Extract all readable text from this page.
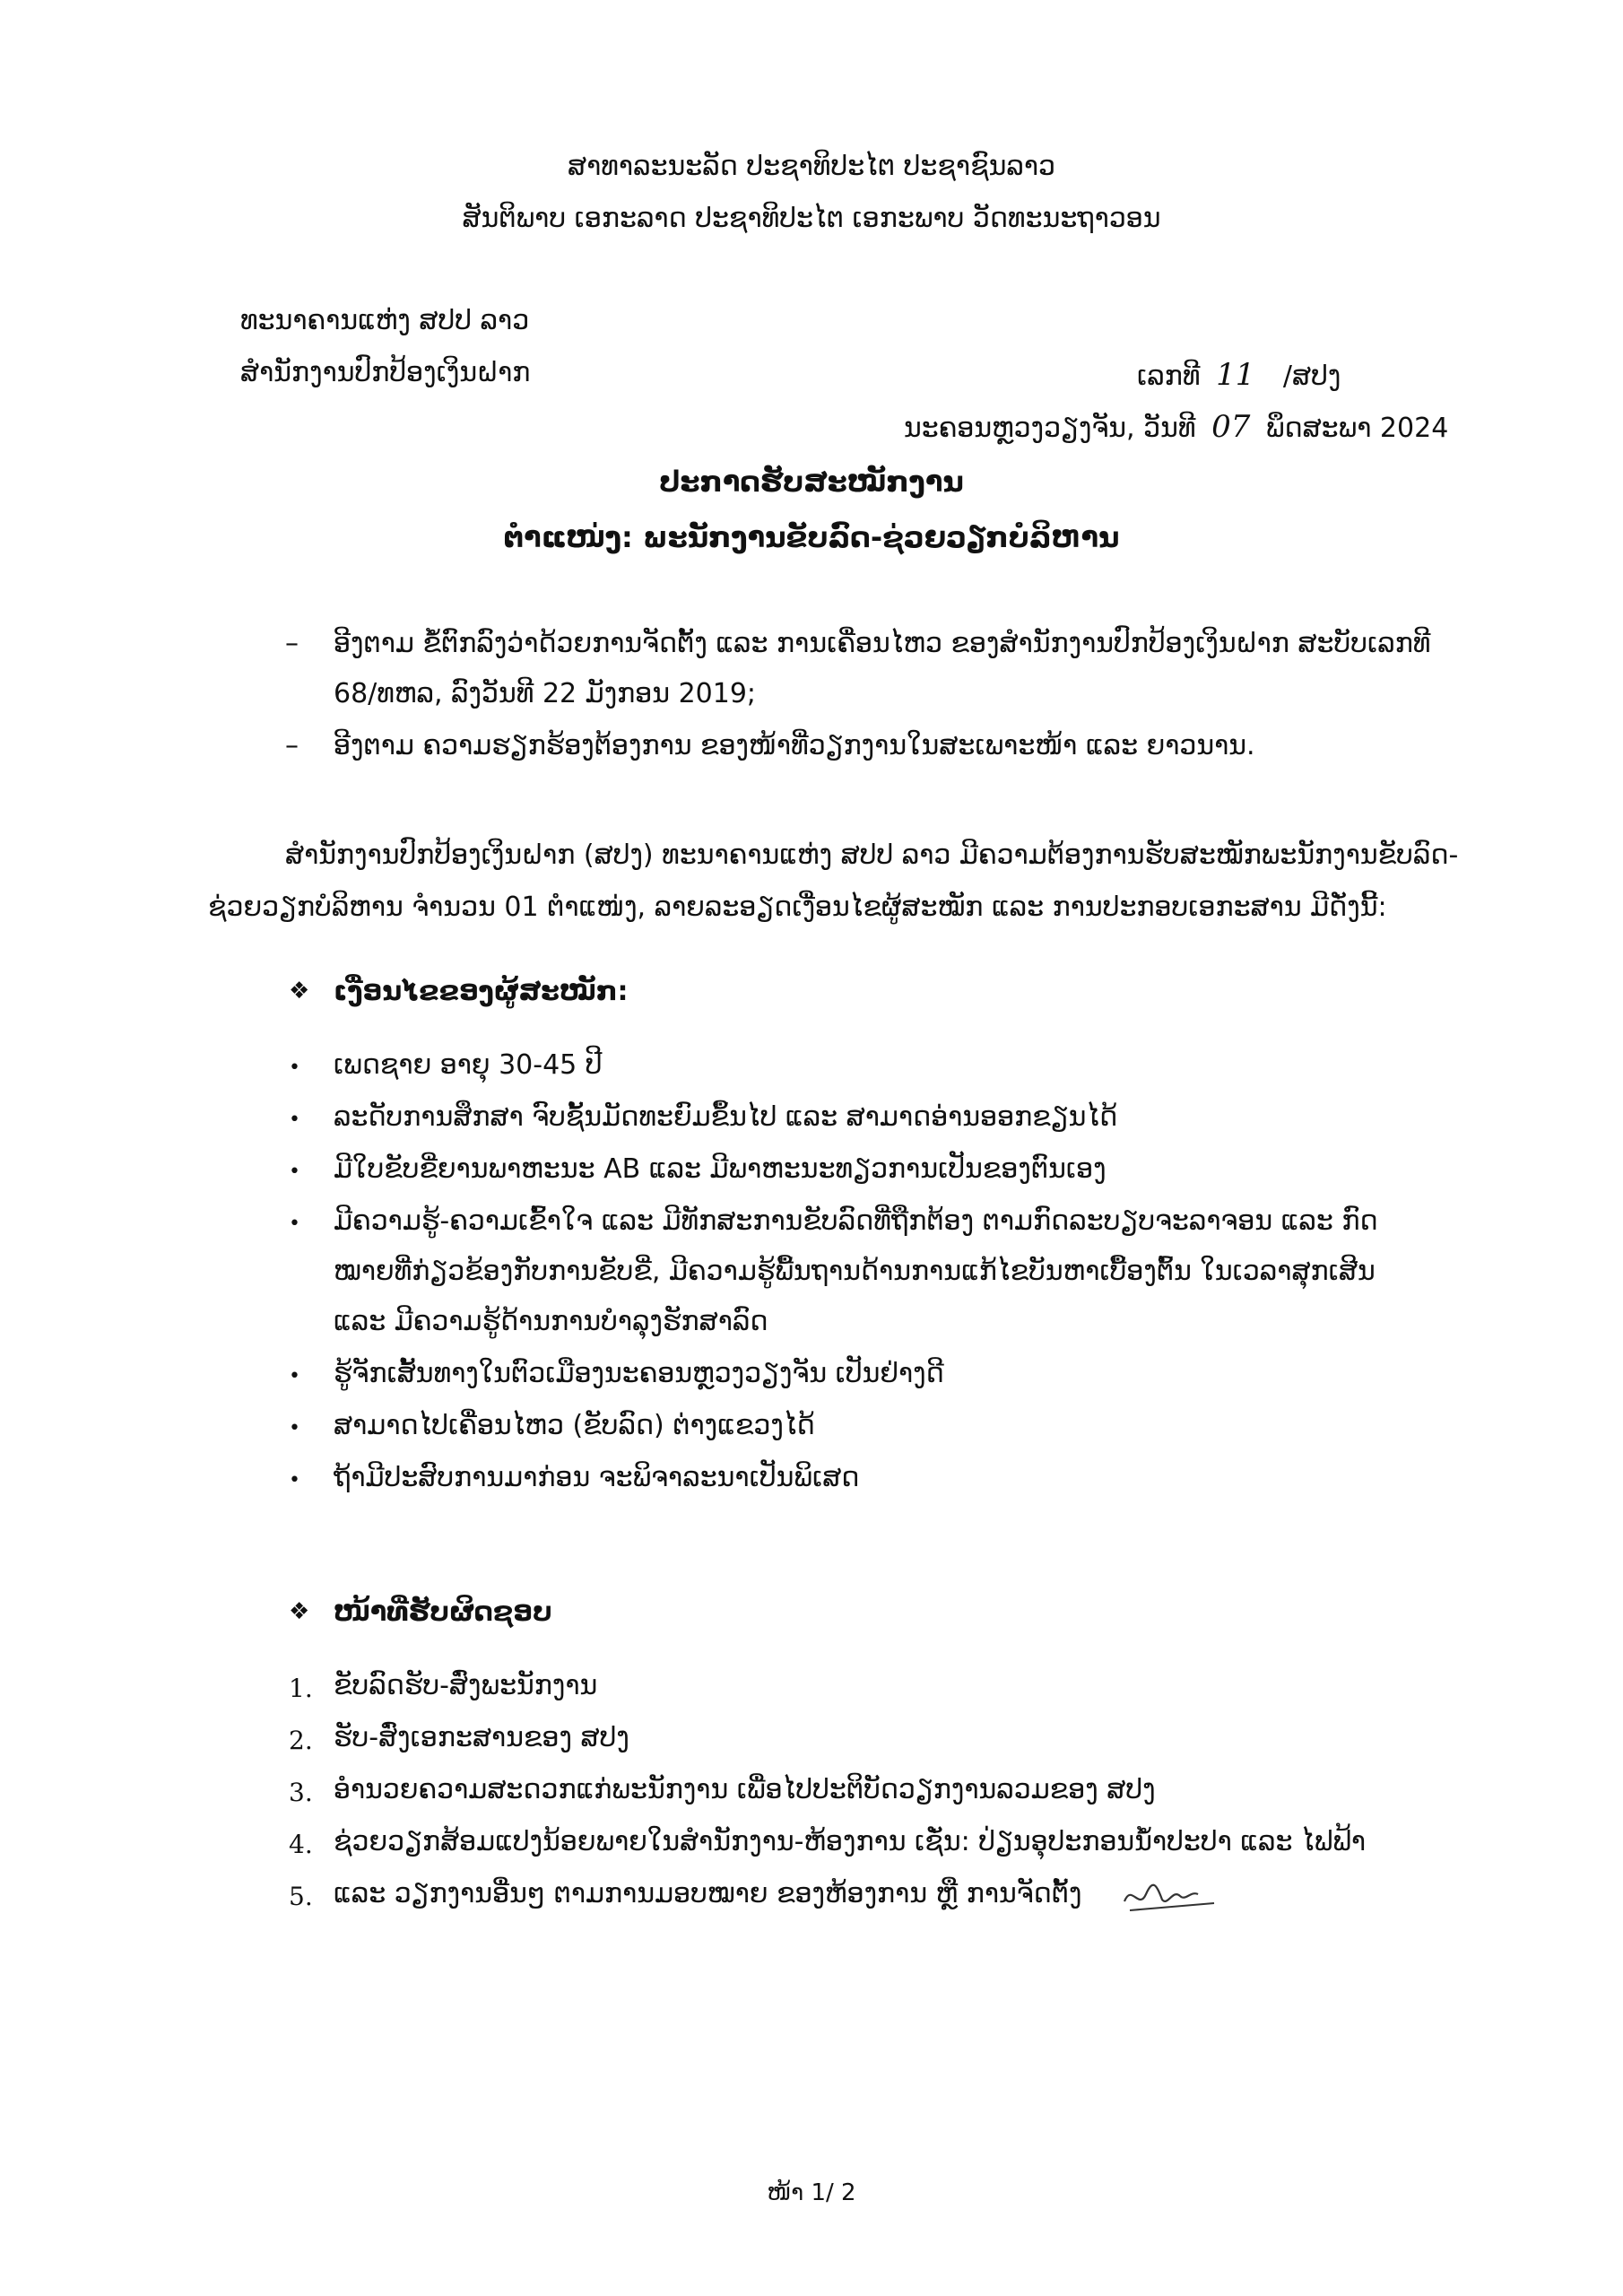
ສາທາລະນະລັດ ປະຊາທິປະໄຕ ປະຊາຊົນລາວ
ສັນຕິພາບ ເອກະລາດ ປະຊາທິປະໄຕ ເອກະພາບ ວັດທະນະຖາວອນ
ທະນາຄານແຫ່ງ ສປປ ລາວ
ສໍານັກງານປົກປ້ອງເງິນຝາກ	ເລກທີ 11 /ສປງ
ນະຄອນຫຼວງວຽງຈັນ, ວັນທີ 07 ພຶດສະພາ 2024
ປະກາດຮັບສະໝັກງານ
ຕໍາແໜ່ງ: ພະນັກງານຂັບລົດ-ຊ່ວຍວຽກບໍລິຫານ
– ອີງຕາມ ຂໍ້ຕົກລົງວ່າດ້ວຍການຈັດຕັ້ງ ແລະ ການເຄື່ອນໄຫວ ຂອງສໍານັກງານປົກປ້ອງເງິນຝາກ ສະບັບເລກທີ
68/ທຫລ, ລົງວັນທີ 22 ມັງກອນ 2019;
– ອີງຕາມ ຄວາມຮຽກຮ້ອງຕ້ອງການ ຂອງໜ້າທີ່ວຽກງານໃນສະເພາະໜ້າ ແລະ ຍາວນານ.
ສໍານັກງານປົກປ້ອງເງິນຝາກ (ສປງ) ທະນາຄານແຫ່ງ ສປປ ລາວ ມີຄວາມຕ້ອງການຮັບສະໝັກພະນັກງານຂັບລົດ-
ຊ່ວຍວຽກບໍລິຫານ ຈໍານວນ 01 ຕໍາແໜ່ງ, ລາຍລະອຽດເງື່ອນໄຂຜູ້ສະໝັກ ແລະ ການປະກອບເອກະສານ ມີດັ່ງນີ້:
❖ ເງື່ອນໄຂຂອງຜູ້ສະໝັກ:
• ເພດຊາຍ ອາຍຸ 30-45 ປີ
• ລະດັບການສຶກສາ ຈົບຊັ້ນມັດທະຍົມຂຶ້ນໄປ ແລະ ສາມາດອ່ານອອກຂຽນໄດ້
• ມີໃບຂັບຂີ່ຍານພາຫະນະ AB ແລະ ມີພາຫະນະທຽວການເປັນຂອງຕົນເອງ
• ມີຄວາມຮູ້-ຄວາມເຂົ້າໃຈ ແລະ ມີທັກສະການຂັບລົດທີ່ຖືກຕ້ອງ ຕາມກົດລະບຽບຈະລາຈອນ ແລະ ກົດ
ໝາຍທີ່ກ່ຽວຂ້ອງກັບການຂັບຂີ່, ມີຄວາມຮູ້ພື້ນຖານດ້ານການແກ້ໄຂບັນຫາເບື້ອງຕົ້ນ ໃນເວລາສຸກເສີນ
ແລະ ມີຄວາມຮູ້ດ້ານການບໍາລຸງຮັກສາລົດ
• ຮູ້ຈັກເສັ້ນທາງໃນຕົວເມືອງນະຄອນຫຼວງວຽງຈັນ ເປັນຢ່າງດີ
• ສາມາດໄປເຄື່ອນໄຫວ (ຂັບລົດ) ຕ່າງແຂວງໄດ້
• ຖ້າມີປະສົບການມາກ່ອນ ຈະພິຈາລະນາເປັນພິເສດ
❖ ໜ້າທີ່ຮັບຜິດຊອບ
1. ຂັບລົດຮັບ-ສົ່ງພະນັກງານ
2. ຮັບ-ສົ່ງເອກະສານຂອງ ສປງ
3. ອໍານວຍຄວາມສະດວກແກ່ພະນັກງານ ເພື່ອໄປປະຕິບັດວຽກງານລວມຂອງ ສປງ
4. ຊ່ວຍວຽກສ້ອມແປງນ້ອຍພາຍໃນສໍານັກງານ-ຫ້ອງການ ເຊັ່ນ: ປ່ຽນອຸປະກອນນໍ້າປະປາ ແລະ ໄຟຟ້າ
5. ແລະ ວຽກງານອື່ນໆ ຕາມການມອບໝາຍ ຂອງຫ້ອງການ ຫຼື ການຈັດຕັ້ງ
ໜ້າ 1/ 2
